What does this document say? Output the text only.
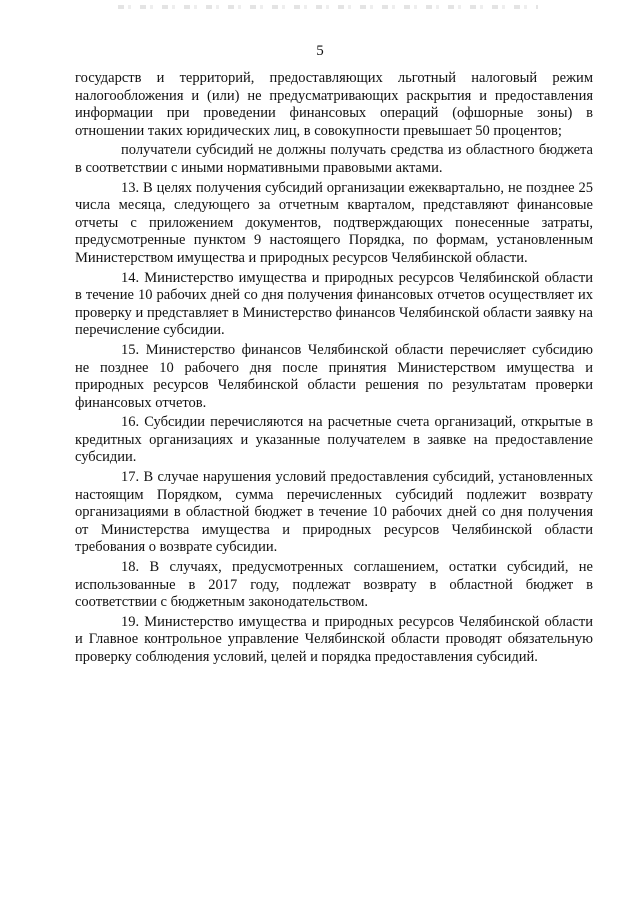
5

государств и территорий, предоставляющих льготный налоговый режим налогообложения и (или) не предусматривающих раскрытия и предоставления информации при проведении финансовых операций (офшорные зоны) в отношении таких юридических лиц, в совокупности превышает 50 процентов;

получатели субсидий не должны получать средства из областного бюджета в соответствии с иными нормативными правовыми актами.

13. В целях получения субсидий организации ежеквартально, не позднее 25 числа месяца, следующего за отчетным кварталом, представляют финансовые отчеты с приложением документов, подтверждающих понесенные затраты, предусмотренные пунктом 9 настоящего Порядка, по формам, установленным Министерством имущества и природных ресурсов Челябинской области.

14. Министерство имущества и природных ресурсов Челябинской области в течение 10 рабочих дней со дня получения финансовых отчетов осуществляет их проверку и представляет в Министерство финансов Челябинской области заявку на перечисление субсидии.

15. Министерство финансов Челябинской области перечисляет субсидию не позднее 10 рабочего дня после принятия Министерством имущества и природных ресурсов Челябинской области решения по результатам проверки финансовых отчетов.

16. Субсидии перечисляются на расчетные счета организаций, открытые в кредитных организациях и указанные получателем в заявке на предоставление субсидии.

17. В случае нарушения условий предоставления субсидий, установленных настоящим Порядком, сумма перечисленных субсидий подлежит возврату организациями в областной бюджет в течение 10 рабочих дней со дня получения от Министерства имущества и природных ресурсов Челябинской области требования о возврате субсидии.

18. В случаях, предусмотренных соглашением, остатки субсидий, не использованные в 2017 году, подлежат возврату в областной бюджет в соответствии с бюджетным законодательством.

19. Министерство имущества и природных ресурсов Челябинской области и Главное контрольное управление Челябинской области проводят обязательную проверку соблюдения условий, целей и порядка предоставления субсидий.
